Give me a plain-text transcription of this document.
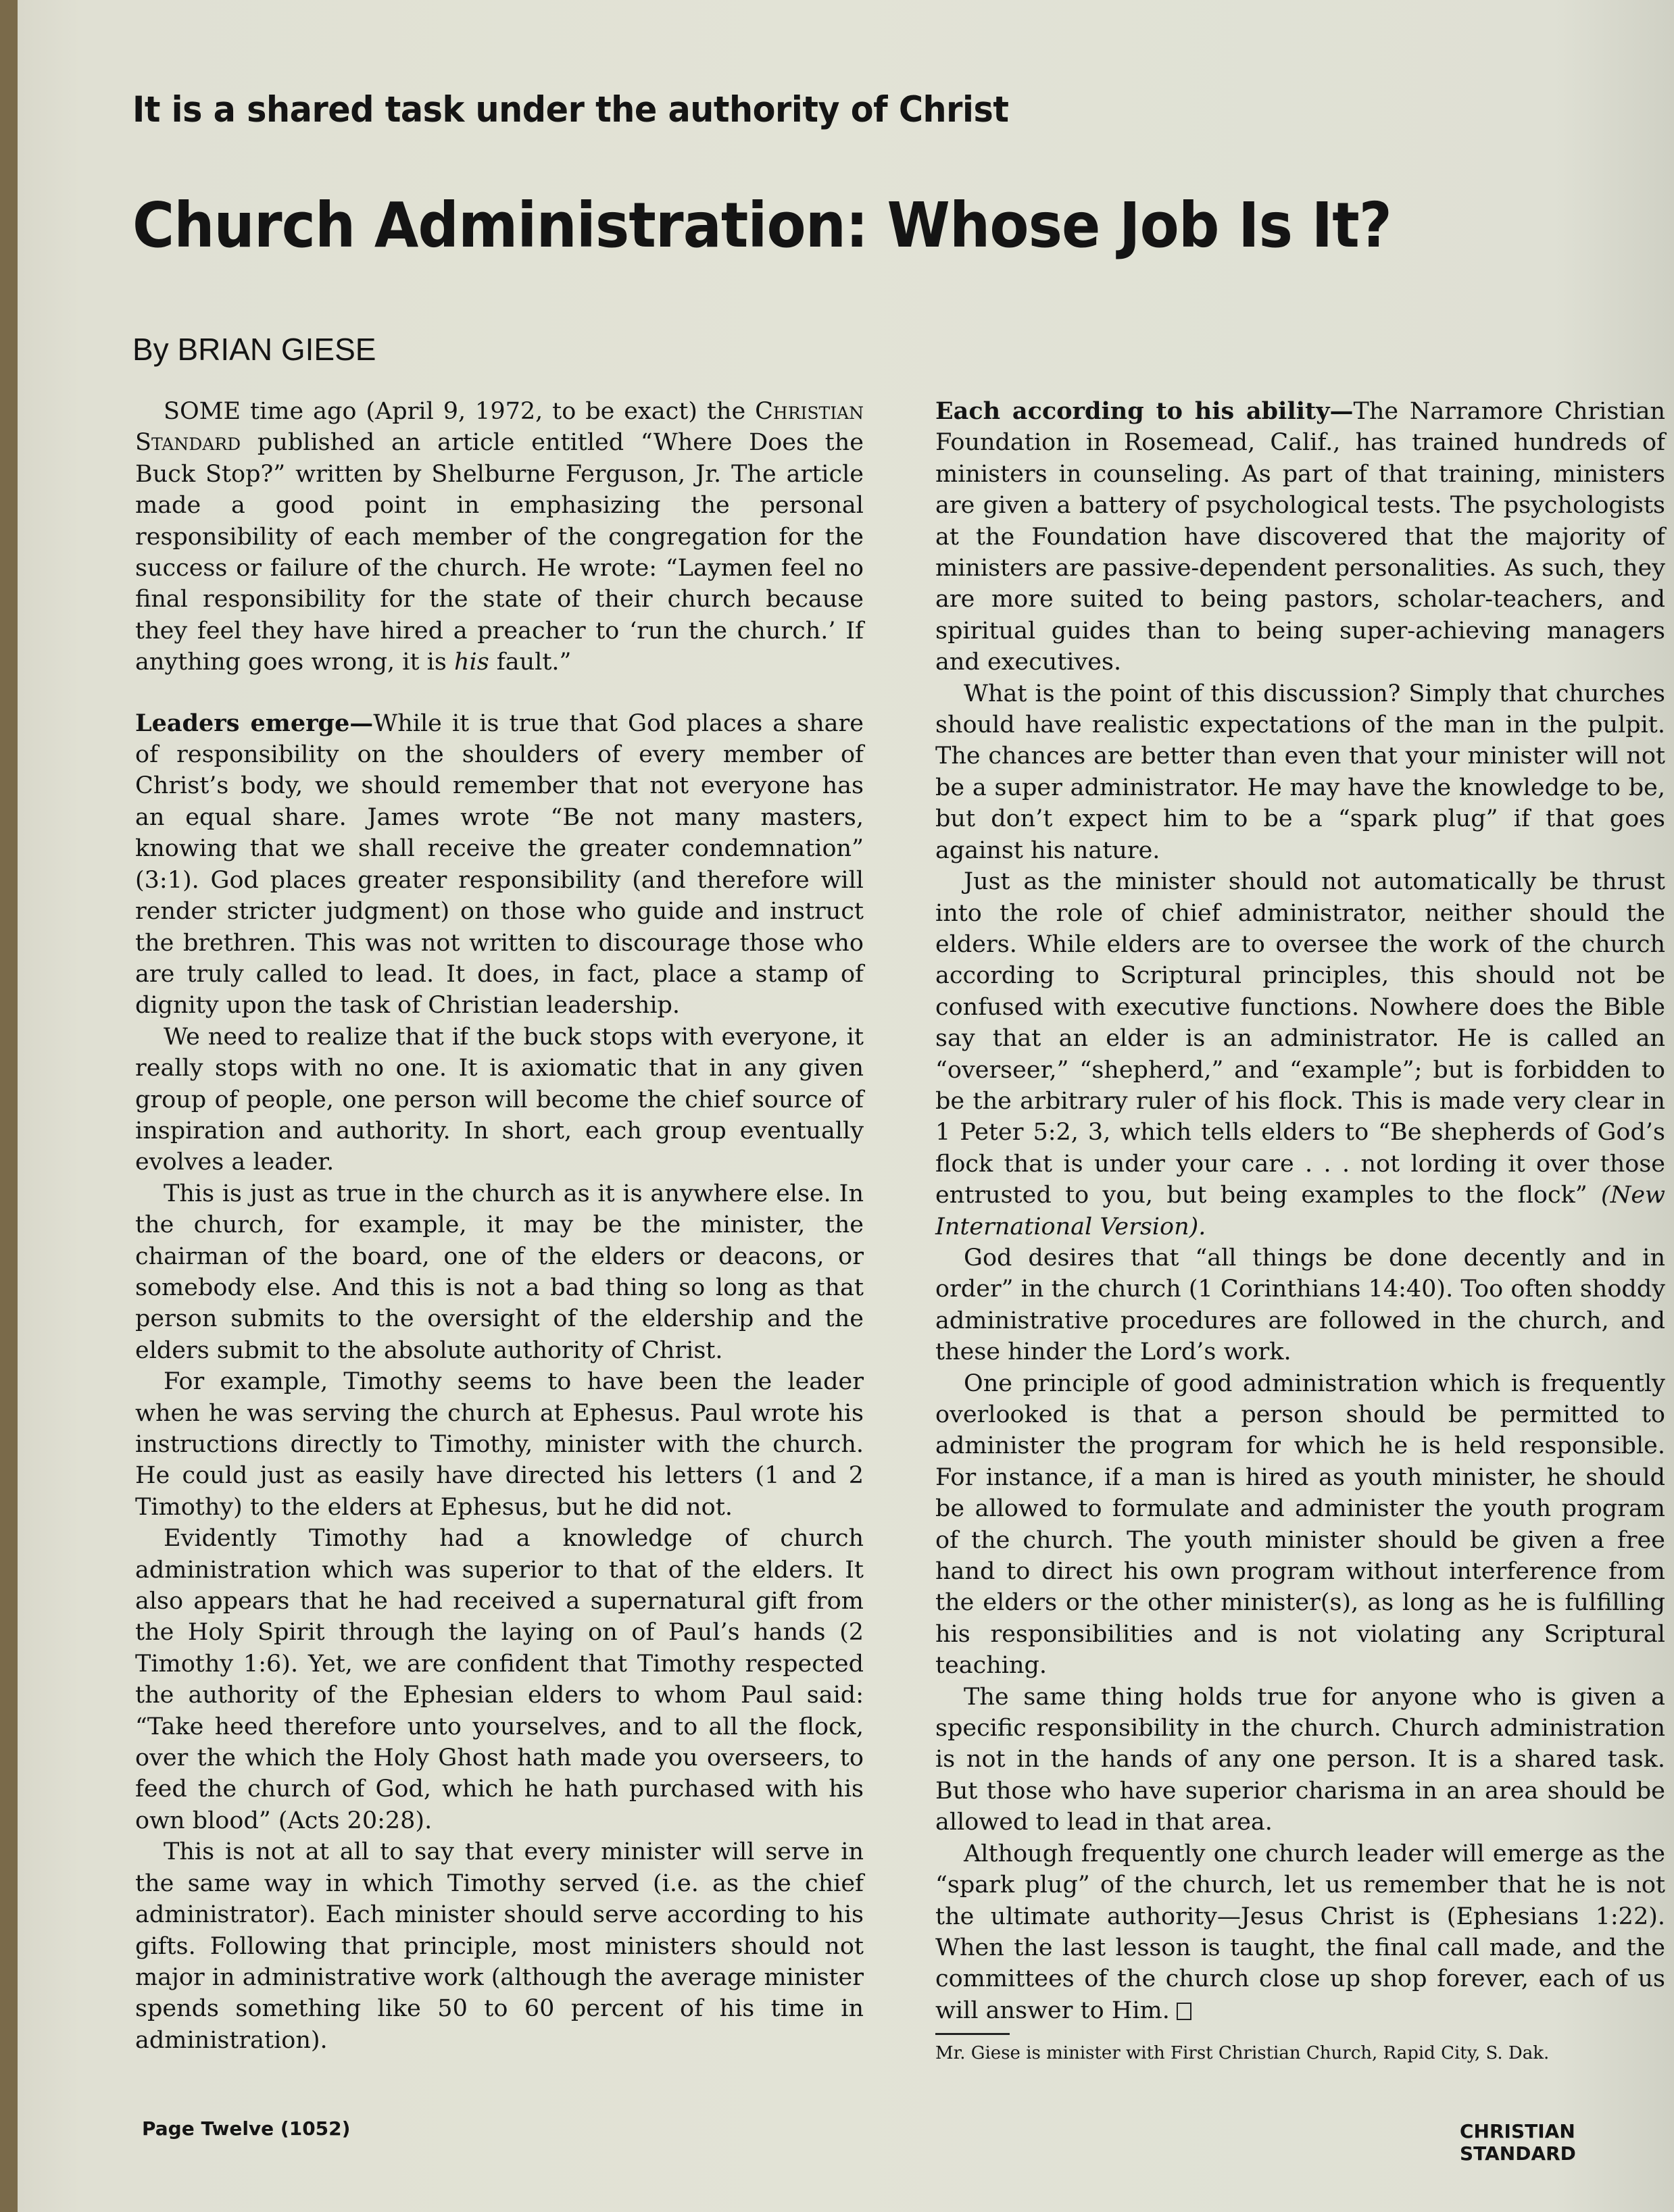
It is a shared task under the authority of Christ
Church Administration: Whose Job Is It?
By BRIAN GIESE

SOME time ago (April 9, 1972, to be exact) the Christian Standard published an article entitled “Where Does the Buck Stop?” written by Shelburne Ferguson, Jr. The article made a good point in emphasizing the personal responsibility of each member of the congregation for the success or failure of the church. He wrote: “Laymen feel no final responsibility for the state of their church because they feel they have hired a preacher to ‘run the church.’ If anything goes wrong, it is his fault.”

Leaders emerge—While it is true that God places a share of responsibility on the shoulders of every member of Christ’s body, we should remember that not everyone has an equal share. James wrote “Be not many masters, knowing that we shall receive the greater condemnation” (3:1). God places greater responsibility (and therefore will render stricter judgment) on those who guide and instruct the brethren. This was not written to discourage those who are truly called to lead. It does, in fact, place a stamp of dignity upon the task of Christian leadership.

We need to realize that if the buck stops with everyone, it really stops with no one. It is axiomatic that in any given group of people, one person will become the chief source of inspiration and authority. In short, each group eventually evolves a leader.

This is just as true in the church as it is anywhere else. In the church, for example, it may be the minister, the chairman of the board, one of the elders or deacons, or somebody else. And this is not a bad thing so long as that person submits to the oversight of the eldership and the elders submit to the absolute authority of Christ.

For example, Timothy seems to have been the leader when he was serving the church at Ephesus. Paul wrote his instructions directly to Timothy, minister with the church. He could just as easily have directed his letters (1 and 2 Timothy) to the elders at Ephesus, but he did not.

Evidently Timothy had a knowledge of church administration which was superior to that of the elders. It also appears that he had received a supernatural gift from the Holy Spirit through the laying on of Paul’s hands (2 Timothy 1:6). Yet, we are confident that Timothy respected the authority of the Ephesian elders to whom Paul said: “Take heed therefore unto yourselves, and to all the flock, over the which the Holy Ghost hath made you overseers, to feed the church of God, which he hath purchased with his own blood” (Acts 20:28).

This is not at all to say that every minister will serve in the same way in which Timothy served (i.e. as the chief administrator). Each minister should serve according to his gifts. Following that principle, most ministers should not major in administrative work (although the average minister spends something like 50 to 60 percent of his time in administration).

Each according to his ability—The Narramore Christian Foundation in Rosemead, Calif., has trained hundreds of ministers in counseling. As part of that training, ministers are given a battery of psychological tests. The psychologists at the Foundation have discovered that the majority of ministers are passive-dependent personalities. As such, they are more suited to being pastors, scholar-teachers, and spiritual guides than to being super-achieving managers and executives.

What is the point of this discussion? Simply that churches should have realistic expectations of the man in the pulpit. The chances are better than even that your minister will not be a super administrator. He may have the knowledge to be, but don’t expect him to be a “spark plug” if that goes against his nature.

Just as the minister should not automatically be thrust into the role of chief administrator, neither should the elders. While elders are to oversee the work of the church according to Scriptural principles, this should not be confused with executive functions. Nowhere does the Bible say that an elder is an administrator. He is called an “overseer,” “shepherd,” and “example”; but is forbidden to be the arbitrary ruler of his flock. This is made very clear in 1 Peter 5:2, 3, which tells elders to “Be shepherds of God’s flock that is under your care . . . not lording it over those entrusted to you, but being examples to the flock” (New International Version).

God desires that “all things be done decently and in order” in the church (1 Corinthians 14:40). Too often shoddy administrative procedures are followed in the church, and these hinder the Lord’s work.

One principle of good administration which is frequently overlooked is that a person should be permitted to administer the program for which he is held responsible. For instance, if a man is hired as youth minister, he should be allowed to formulate and administer the youth program of the church. The youth minister should be given a free hand to direct his own program without interference from the elders or the other minister(s), as long as he is fulfilling his responsibilities and is not violating any Scriptural teaching.

The same thing holds true for anyone who is given a specific responsibility in the church. Church administration is not in the hands of any one person. It is a shared task. But those who have superior charisma in an area should be allowed to lead in that area.

Although frequently one church leader will emerge as the “spark plug” of the church, let us remember that he is not the ultimate authority—Jesus Christ is (Ephesians 1:22). When the last lesson is taught, the final call made, and the committees of the church close up shop forever, each of us will answer to Him.

Mr. Giese is minister with First Christian Church, Rapid City, S. Dak.

Page Twelve (1052)	CHRISTIAN STANDARD
